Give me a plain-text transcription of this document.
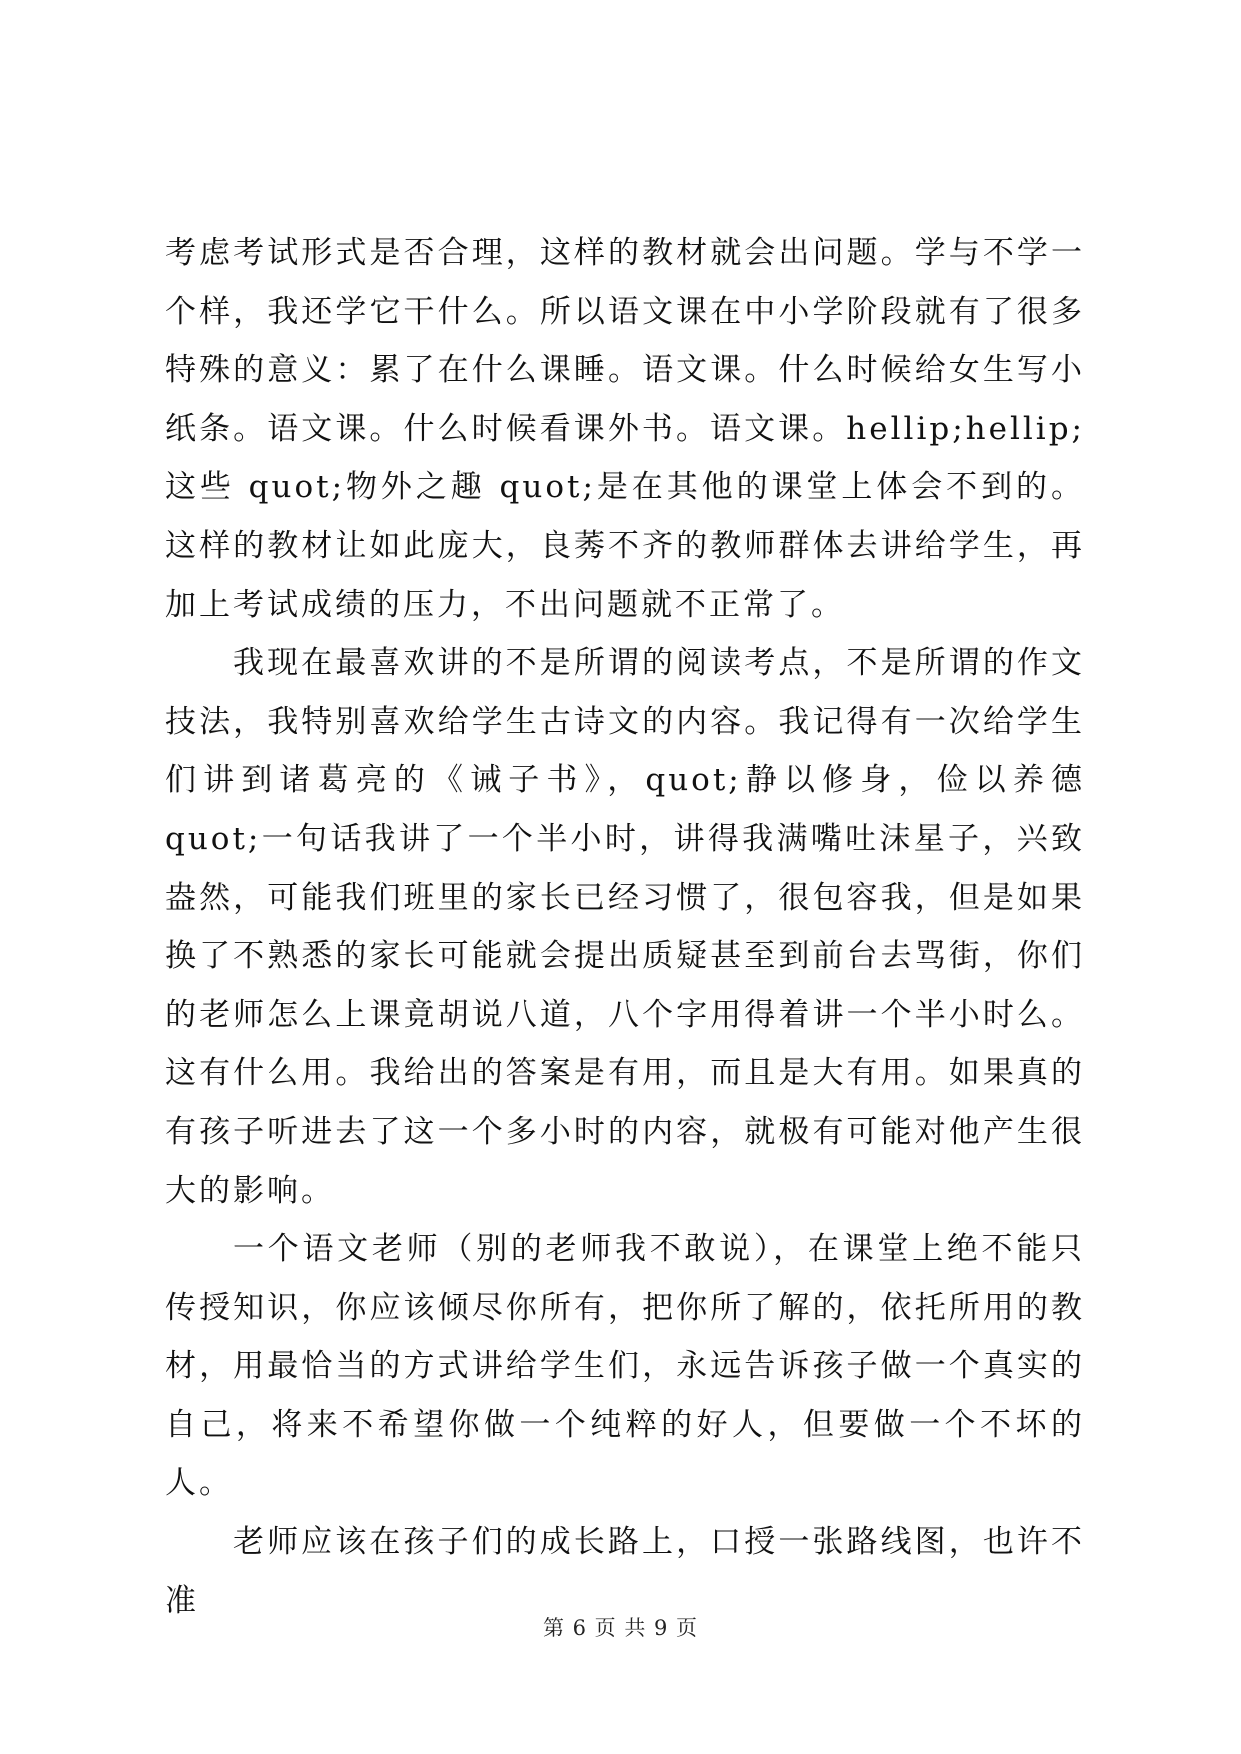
考虑考试形式是否合理，这样的教材就会出问题。学与不学一个样，我还学它干什么。所以语文课在中小学阶段就有了很多特殊的意义：累了在什么课睡。语文课。什么时候给女生写小纸条。语文课。什么时候看课外书。语文课。hellip;hellip;这些 quot;物外之趣 quot;是在其他的课堂上体会不到的。这样的教材让如此庞大，良莠不齐的教师群体去讲给学生，再加上考试成绩的压力，不出问题就不正常了。

我现在最喜欢讲的不是所谓的阅读考点，不是所谓的作文技法，我特别喜欢给学生古诗文的内容。我记得有一次给学生们讲到诸葛亮的《诫子书》，quot;静以修身，俭以养德 quot;一句话我讲了一个半小时，讲得我满嘴吐沫星子，兴致盎然，可能我们班里的家长已经习惯了，很包容我，但是如果换了不熟悉的家长可能就会提出质疑甚至到前台去骂街，你们的老师怎么上课竟胡说八道，八个字用得着讲一个半小时么。这有什么用。我给出的答案是有用，而且是大有用。如果真的有孩子听进去了这一个多小时的内容，就极有可能对他产生很大的影响。

一个语文老师（别的老师我不敢说），在课堂上绝不能只传授知识，你应该倾尽你所有，把你所了解的，依托所用的教材，用最恰当的方式讲给学生们，永远告诉孩子做一个真实的自己，将来不希望你做一个纯粹的好人，但要做一个不坏的人。

老师应该在孩子们的成长路上，口授一张路线图，也许不准

第 6 页 共 9 页
